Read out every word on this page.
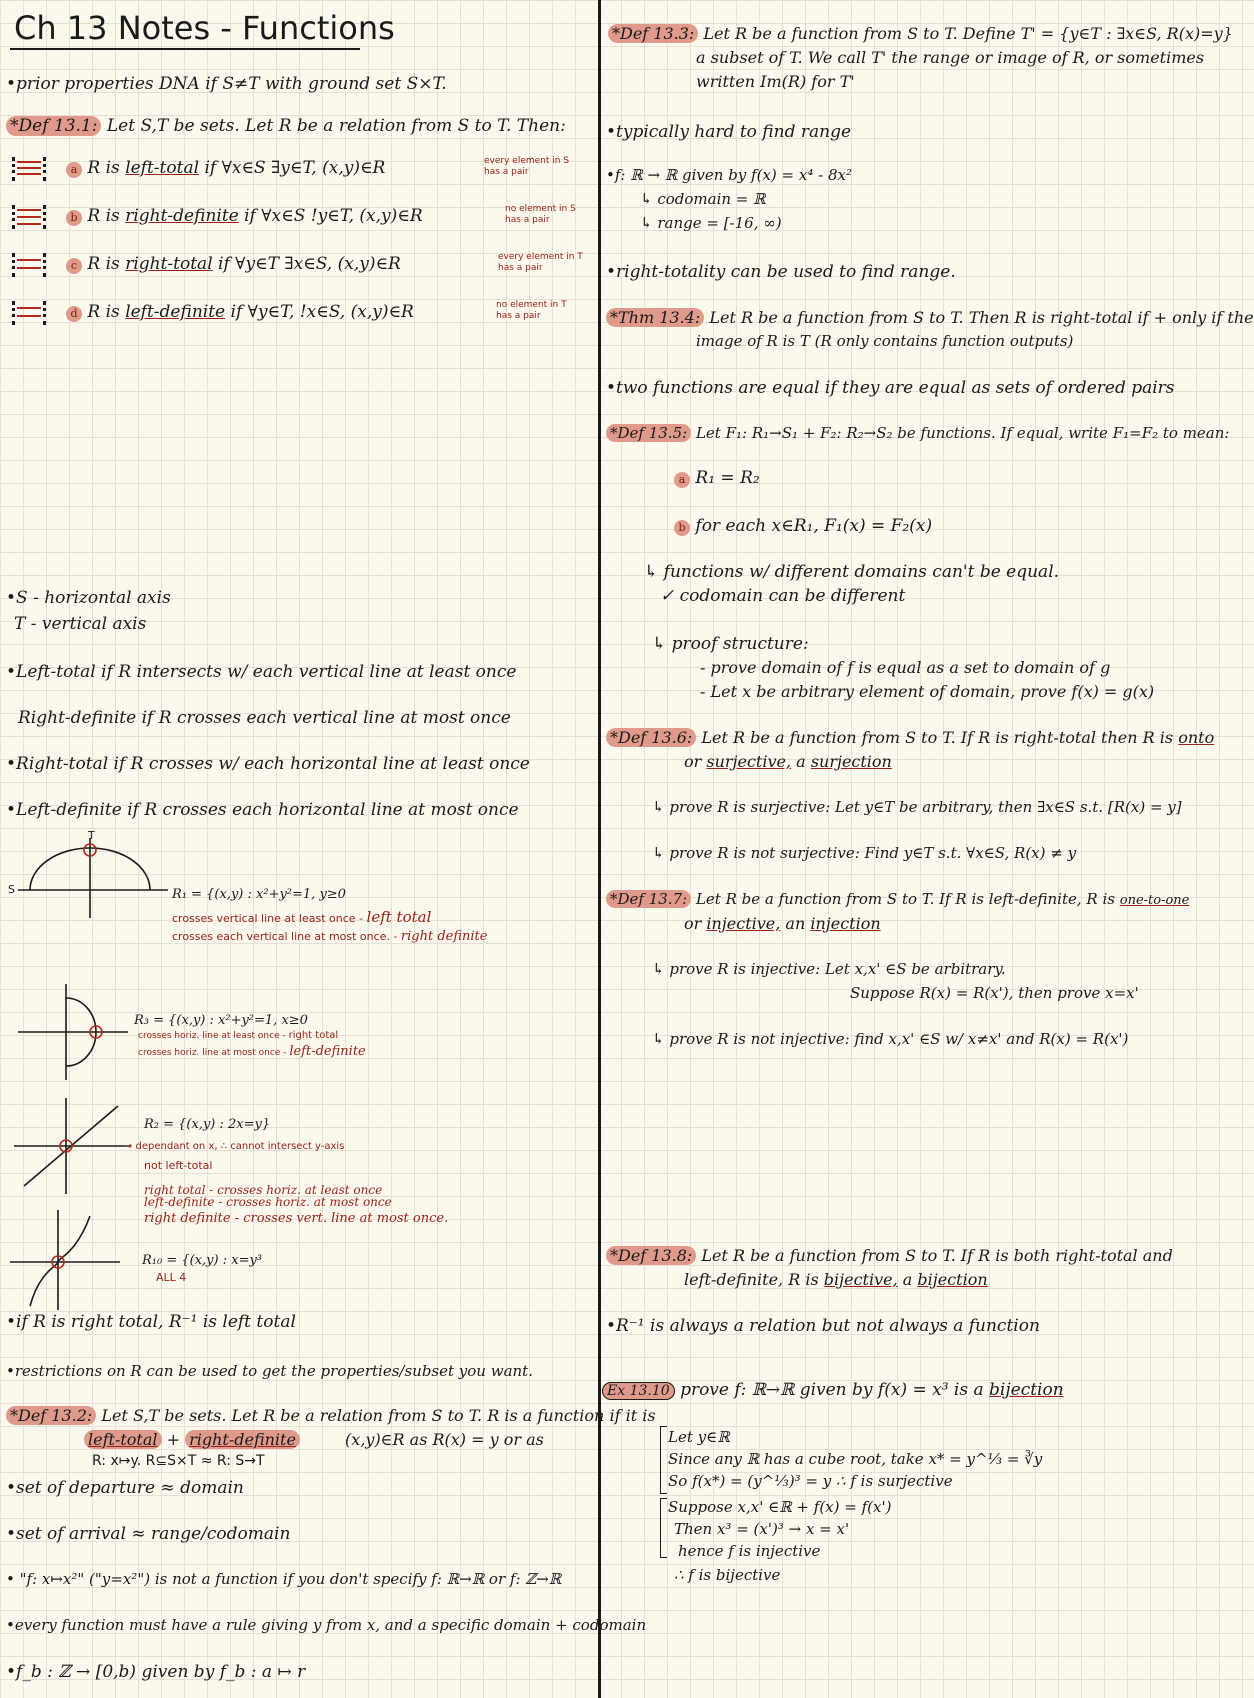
Ch 13 Notes - Functions
•prior properties DNA if S≠T with ground set S×T.
*Def 13.1: Let S,T be sets. Let R be a relation from S to T. Then:
a R is left-total if ∀x∈S ∃y∈T, (x,y)∈R	every element in S
has a pair
b R is right-definite if ∀x∈S !y∈T, (x,y)∈R	no element in S
has a pair
c R is right-total if ∀y∈T ∃x∈S, (x,y)∈R	every element in T
has a pair
d R is left-definite if ∀y∈T, !x∈S, (x,y)∈R	no element in T
has a pair
•S - horizontal axis
T - vertical axis
•Left-total if R intersects w/ each vertical line at least once
Right-definite if R crosses each vertical line at most once
•Right-total if R crosses w/ each horizontal line at least once
•Left-definite if R crosses each horizontal line at most once
T
S	R₁ = {(x,y) : x²+y²=1, y≥0
crosses vertical line at least once - left total
crosses each vertical line at most once. - right definite
R₃ = {(x,y) : x²+y²=1, x≥0
crosses horiz. line at least once - right total
crosses horiz. line at most once - left-definite
R₂ = {(x,y) : 2x=y}
→ dependant on x, ∴ cannot intersect y-axis
not left-total
right total - crosses horiz. at least once
left-definite - crosses horiz. at most once
right definite - crosses vert. line at most once.
R₁₀ = {(x,y) : x=y³
ALL 4
•if R is right total, R⁻¹ is left total
•restrictions on R can be used to get the properties/subset you want.
*Def 13.2: Let S,T be sets. Let R be a relation from S to T. R is a function if it is
left-total + right-definite	(x,y)∈R as R(x) = y or as
R: x↦y. R⊆S×T ≈ R: S→T
•set of departure ≈ domain
•set of arrival ≈ range/codomain
• "f: x↦x²" ("y=x²") is not a function if you don't specify f: ℝ→ℝ or f: ℤ→ℝ
•every function must have a rule giving y from x, and a specific domain + codomain
•f_b : ℤ → [0,b) given by f_b : a ↦ r
*Def 13.3: Let R be a function from S to T. Define T' = {y∈T : ∃x∈S, R(x)=y}
a subset of T. We call T' the range or image of R, or sometimes
written Im(R) for T'
•typically hard to find range
•f: ℝ → ℝ given by f(x) = x⁴ - 8x²
↳ codomain = ℝ
↳ range = [-16, ∞)
•right-totality can be used to find range.
*Thm 13.4: Let R be a function from S to T. Then R is right-total if + only if the
image of R is T (R only contains function outputs)
•two functions are equal if they are equal as sets of ordered pairs
*Def 13.5: Let F₁: R₁→S₁ + F₂: R₂→S₂ be functions. If equal, write F₁=F₂ to mean:
a R₁ = R₂
b for each x∈R₁, F₁(x) = F₂(x)
↳ functions w/ different domains can't be equal.
✓ codomain can be different
↳ proof structure:
- prove domain of f is equal as a set to domain of g
- Let x be arbitrary element of domain, prove f(x) = g(x)
*Def 13.6: Let R be a function from S to T. If R is right-total then R is onto
or surjective, a surjection
↳ prove R is surjective: Let y∈T be arbitrary, then ∃x∈S s.t. [R(x) = y]
↳ prove R is not surjective: Find y∈T s.t. ∀x∈S, R(x) ≠ y
*Def 13.7: Let R be a function from S to T. If R is left-definite, R is one-to-one
or injective, an injection
↳ prove R is injective: Let x,x' ∈S be arbitrary.
Suppose R(x) = R(x'), then prove x=x'
↳ prove R is not injective: find x,x' ∈S w/ x≠x' and R(x) = R(x')
*Def 13.8: Let R be a function from S to T. If R is both right-total and
left-definite, R is bijective, a bijection
•R⁻¹ is always a relation but not always a function
Ex 13.10 prove f: ℝ→ℝ given by f(x) = x³ is a bijection
Let y∈ℝ
Since any ℝ has a cube root, take x* = y^⅓ = ∛y
So f(x*) = (y^⅓)³ = y ∴ f is surjective
Suppose x,x' ∈ℝ + f(x) = f(x')
Then x³ = (x')³ → x = x'
hence f is injective
∴ f is bijective
